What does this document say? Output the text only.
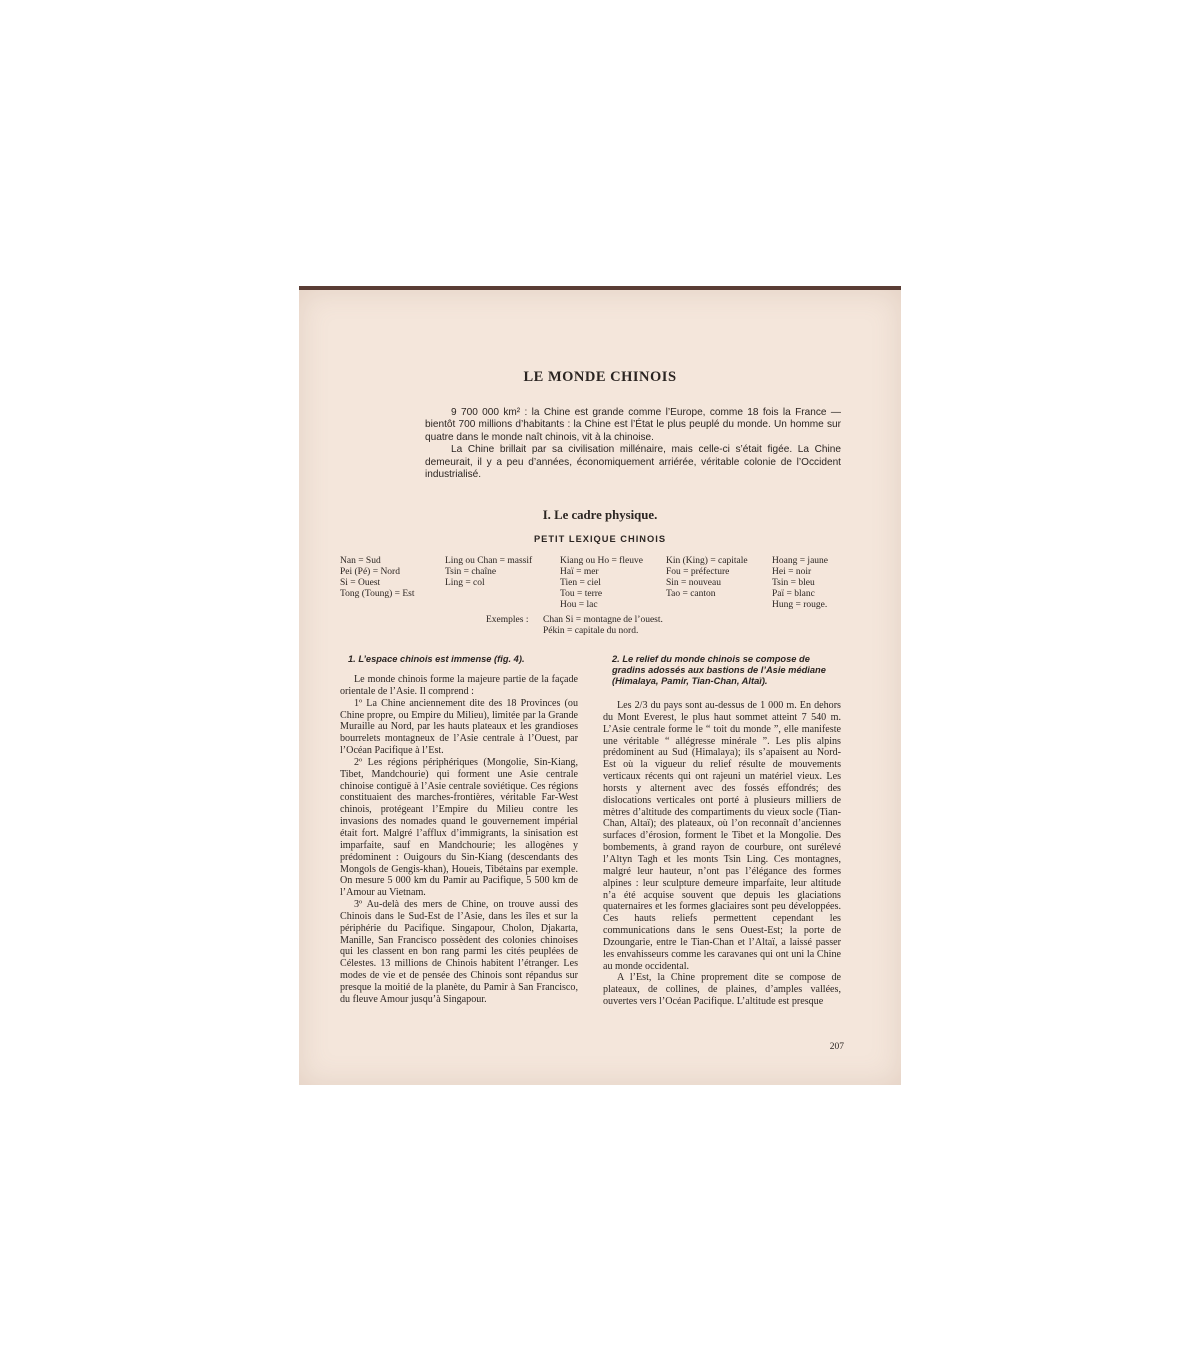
LE MONDE CHINOIS

9 700 000 km² : la Chine est grande comme l’Europe, comme 18 fois la France — bientôt 700 millions d’habitants : la Chine est l’État le plus peuplé du monde. Un homme sur quatre dans le monde naît chinois, vit à la chinoise.

La Chine brillait par sa civilisation millénaire, mais celle-ci s’était figée. La Chine demeurait, il y a peu d’années, économiquement arriérée, véritable colonie de l’Occident industrialisé.

I. Le cadre physique.
PETIT LEXIQUE CHINOIS
Nan = Sud
Pei (Pé) = Nord
Si = Ouest
Tong (Toung) = Est
Ling ou Chan = massif
Tsin = chaîne
Ling = col
Kiang ou Ho = fleuve
Haï = mer
Tien = ciel
Tou = terre
Hou = lac
Kin (King) = capitale
Fou = préfecture
Sin = nouveau
Tao = canton
Hoang = jaune
Hei = noir
Tsin = bleu
Paï = blanc
Hung = rouge.
Exemples : Chan Si = montagne de l’ouest.
Pékin = capitale du nord.
1. L’espace chinois est immense (fig. 4).

Le monde chinois forme la majeure partie de la façade orientale de l’Asie. Il comprend :

1º La Chine anciennement dite des 18 Provinces (ou Chine propre, ou Empire du Milieu), limitée par la Grande Muraille au Nord, par les hauts plateaux et les grandioses bourrelets montagneux de l’Asie centrale à l’Ouest, par l’Océan Pacifique à l’Est.

2º Les régions périphériques (Mongolie, Sin-Kiang, Tibet, Mandchourie) qui forment une Asie centrale chinoise contiguë à l’Asie centrale soviétique. Ces régions constituaient des marches-frontières, véritable Far-West chinois, protégeant l’Empire du Milieu contre les invasions des nomades quand le gouvernement impérial était fort. Malgré l’afflux d’immigrants, la sinisation est imparfaite, sauf en Mandchourie; les allogènes y prédominent : Ouigours du Sin-Kiang (descendants des Mongols de Gengis-khan), Houeis, Tibétains par exemple. On mesure 5 000 km du Pamir au Pacifique, 5 500 km de l’Amour au Vietnam.

3º Au-delà des mers de Chine, on trouve aussi des Chinois dans le Sud-Est de l’Asie, dans les îles et sur la périphérie du Pacifique. Singapour, Cholon, Djakarta, Manille, San Francisco possèdent des colonies chinoises qui les classent en bon rang parmi les cités peuplées de Célestes. 13 millions de Chinois habitent l’étranger. Les modes de vie et de pensée des Chinois sont répandus sur presque la moitié de la planète, du Pamir à San Francisco, du fleuve Amour jusqu’à Singapour.

2. Le relief du monde chinois se compose de gradins adossés aux bastions de l’Asie médiane (Himalaya, Pamir, Tian-Chan, Altaï).

Les 2/3 du pays sont au-dessus de 1 000 m. En dehors du Mont Everest, le plus haut sommet atteint 7 540 m. L’Asie centrale forme le “ toit du monde ”, elle manifeste une véritable “ allégresse minérale ”. Les plis alpins prédominent au Sud (Himalaya); ils s’apaisent au Nord-Est où la vigueur du relief résulte de mouvements verticaux récents qui ont rajeuni un matériel vieux. Les horsts y alternent avec des fossés effondrés; des dislocations verticales ont porté à plusieurs milliers de mètres d’altitude des compartiments du vieux socle (Tian-Chan, Altaï); des plateaux, où l’on reconnaît d’anciennes surfaces d’érosion, forment le Tibet et la Mongolie. Des bombements, à grand rayon de courbure, ont surélevé l’Altyn Tagh et les monts Tsin Ling. Ces montagnes, malgré leur hauteur, n’ont pas l’élégance des formes alpines : leur sculpture demeure imparfaite, leur altitude n’a été acquise souvent que depuis les glaciations quaternaires et les formes glaciaires sont peu développées. Ces hauts reliefs permettent cependant les communications dans le sens Ouest-Est; la porte de Dzoungarie, entre le Tian-Chan et l’Altaï, a laissé passer les envahisseurs comme les caravanes qui ont uni la Chine au monde occidental.

A l’Est, la Chine proprement dite se compose de plateaux, de collines, de plaines, d’amples vallées, ouvertes vers l’Océan Pacifique. L’altitude est presque

207
